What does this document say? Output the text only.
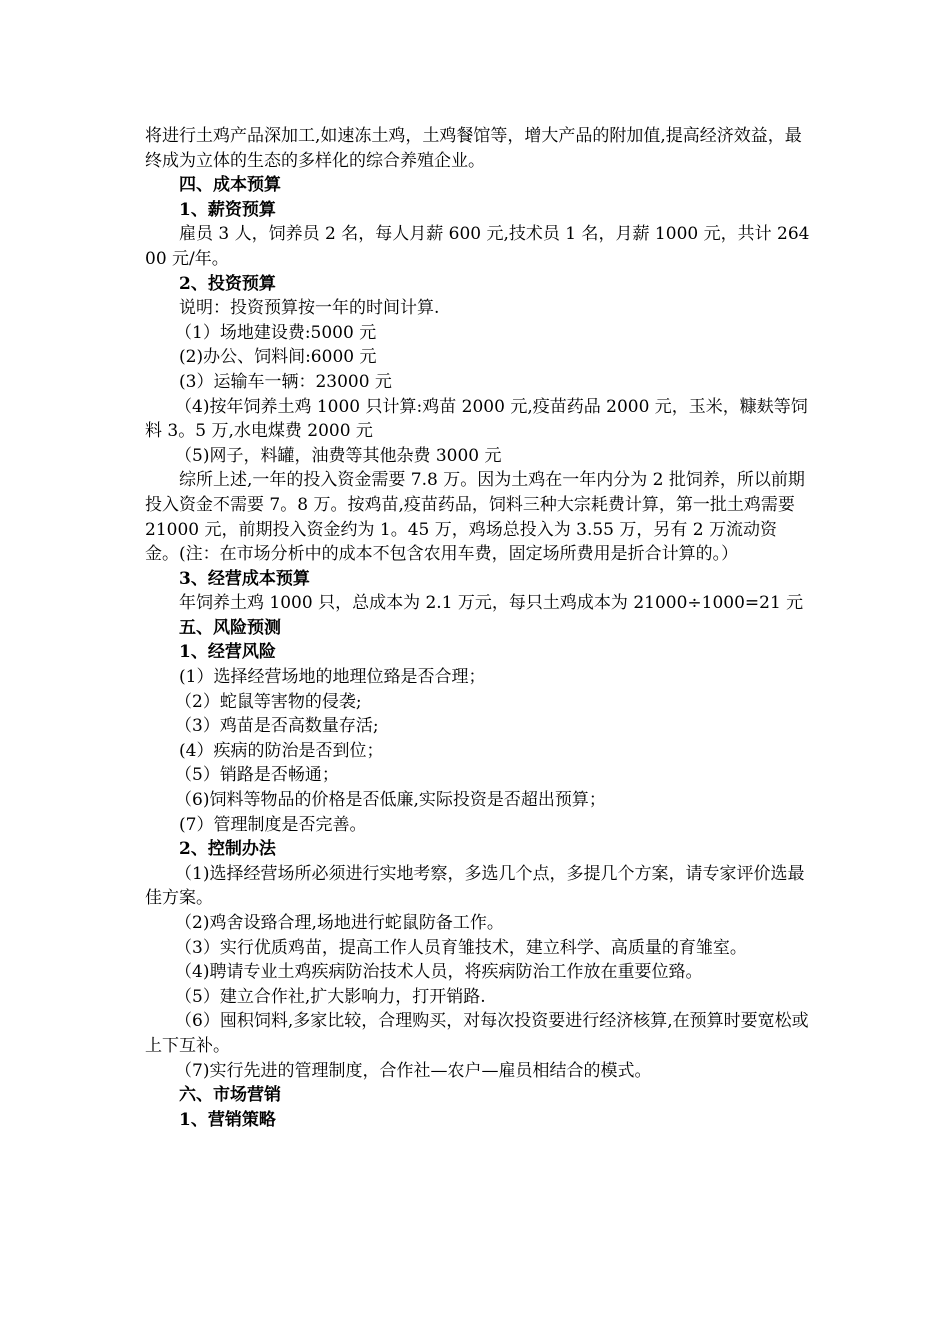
将进行土鸡产品深加工,如速冻土鸡，土鸡餐馆等，增大产品的附加值,提高经济效益，最终成为立体的生态的多样化的综合养殖企业。

四、成本预算

1、薪资预算

雇员 3 人，饲养员 2 名，每人月薪 600 元,技术员 1 名，月薪 1000 元，共计 26400 元/年。

2、投资预算

说明：投资预算按一年的时间计算.

（1）场地建设费:5000 元

(2)办公、饲料间:6000 元

(3）运输车一辆：23000 元

（4)按年饲养土鸡 1000 只计算:鸡苗 2000 元,疫苗药品 2000 元，玉米，糠麸等饲料 3。5 万,水电煤费 2000 元

（5)网子，料罐，油费等其他杂费 3000 元

综所上述,一年的投入资金需要 7.8 万。因为土鸡在一年内分为 2 批饲养，所以前期投入资金不需要 7。8 万。按鸡苗,疫苗药品，饲料三种大宗耗费计算，第一批土鸡需要 21000 元，前期投入资金约为 1。45 万，鸡场总投入为 3.55 万，另有 2 万流动资金。(注：在市场分析中的成本不包含农用车费，固定场所费用是折合计算的。）

3、经营成本预算

年饲养土鸡 1000 只，总成本为 2.1 万元，每只土鸡成本为 21000÷1000=21 元

五、风险预测

1、经营风险

(1）选择经营场地的地理位臵是否合理；

（2）蛇鼠等害物的侵袭;

（3）鸡苗是否高数量存活;

(4）疾病的防治是否到位；

（5）销路是否畅通；

（6)饲料等物品的价格是否低廉,实际投资是否超出预算；

(7）管理制度是否完善。

2、控制办法

（1)选择经营场所必须进行实地考察，多选几个点，多提几个方案，请专家评价选最佳方案。

（2)鸡舍设臵合理,场地进行蛇鼠防备工作。

（3）实行优质鸡苗，提高工作人员育雏技术，建立科学、高质量的育雏室。

（4)聘请专业土鸡疾病防治技术人员，将疾病防治工作放在重要位臵。

（5）建立合作社,扩大影响力，打开销路.

（6）囤积饲料,多家比较，合理购买，对每次投资要进行经济核算,在预算时要宽松或上下互补。

（7)实行先进的管理制度，合作社—农户—雇员相结合的模式。

六、市场营销

1、营销策略
